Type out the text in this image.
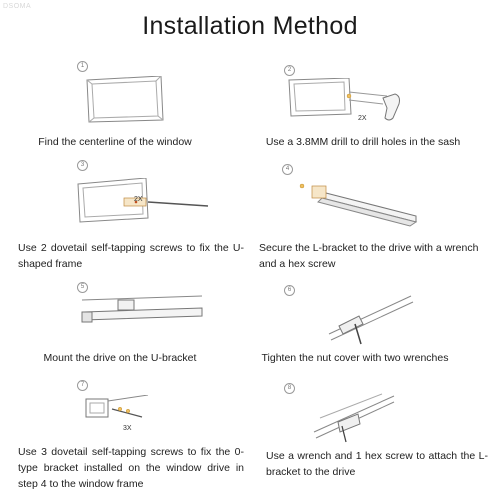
DSOMA
Installation Method
1
Find the centerline of the window
2
2X
Use a 3.8MM drill to drill holes in the sash
3
2X
Use 2 dovetail self-tapping screws to fix the U-shaped frame
4
Secure the L-bracket to the drive with a wrench and a hex screw
5
Mount the drive on the U-bracket
6
Tighten the nut cover with two wrenches
7
3X
Use 3 dovetail self-tapping screws to fix the 0-type bracket installed on the window drive in step 4 to the window frame
8
Use a wrench and 1 hex screw to attach the L-bracket to the drive
